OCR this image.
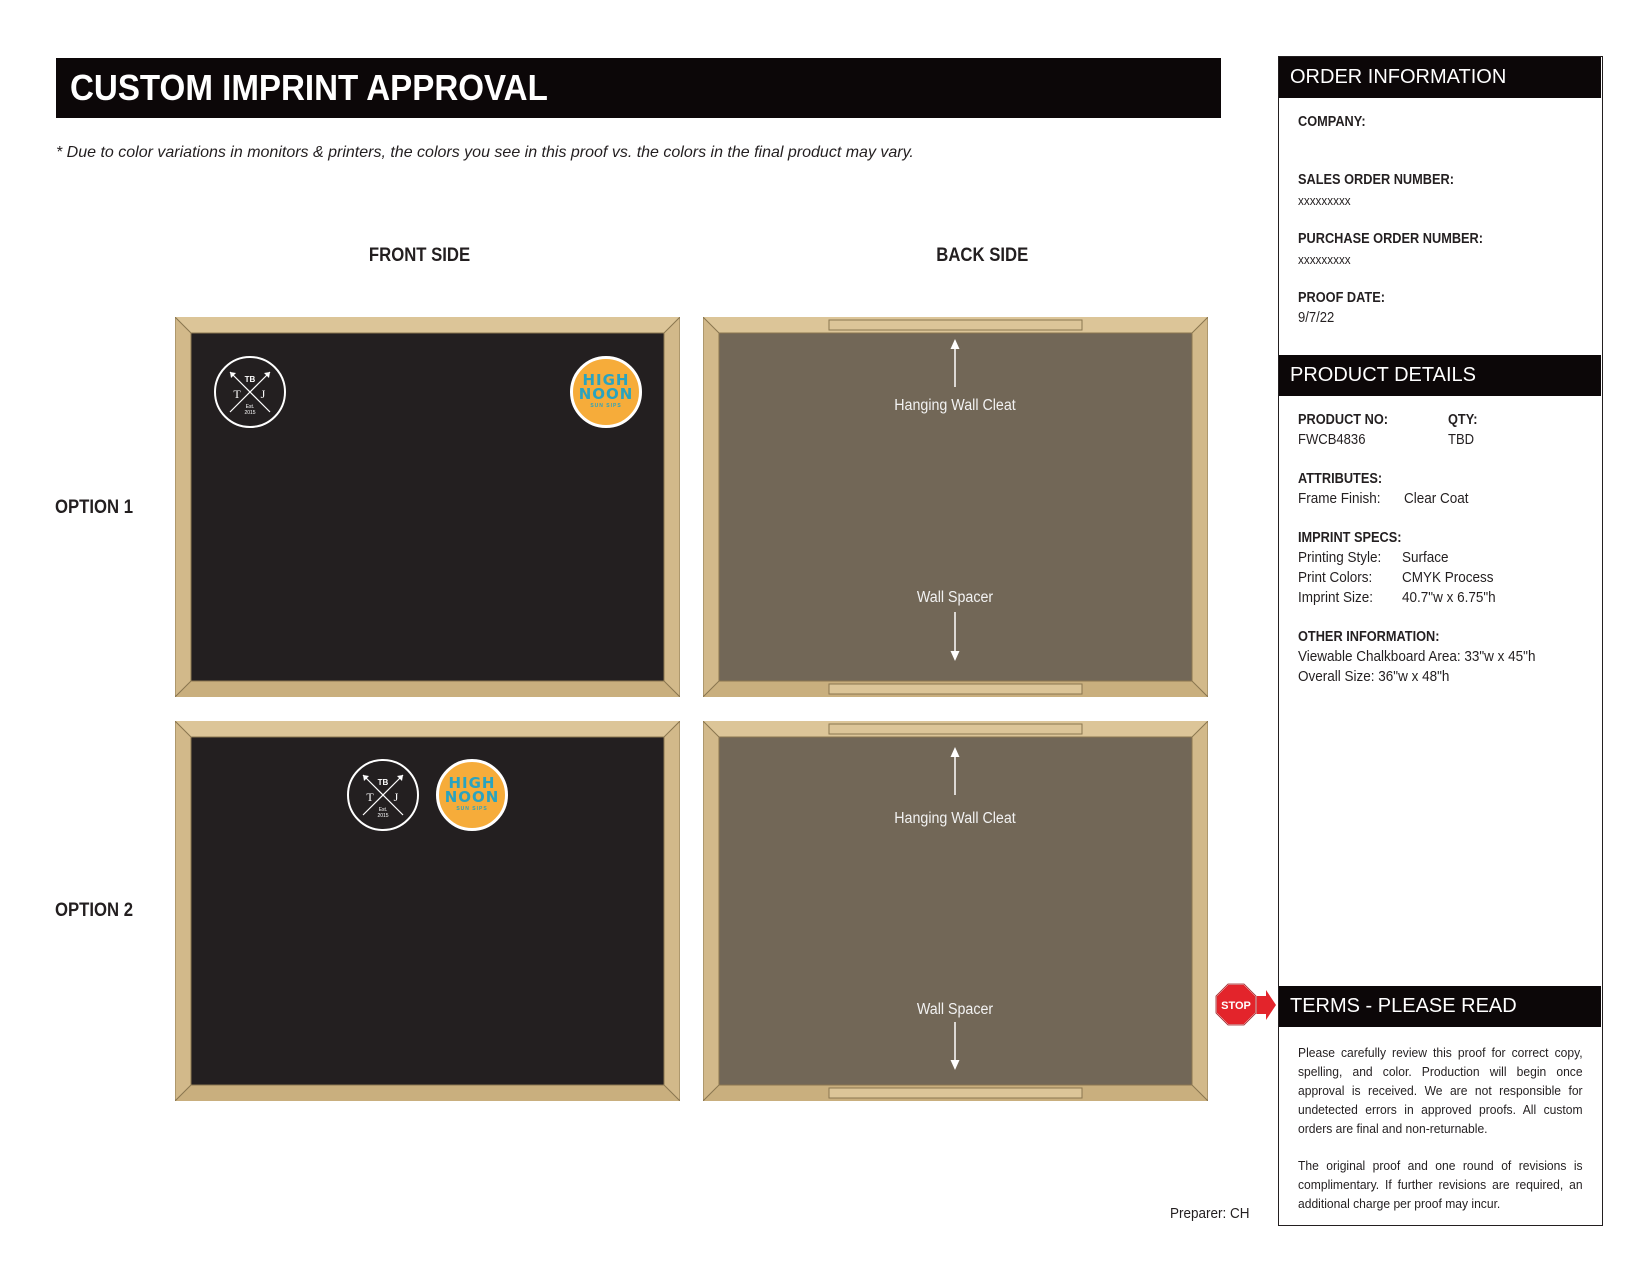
CUSTOM IMPRINT APPROVAL
* Due to color variations in monitors & printers, the colors you see in this proof vs. the colors in the final product may vary.
FRONT SIDE	BACK SIDE
OPTION 1
OPTION 2
TB
T J
Est.
2015
HIGH
NOON
SUN SIPS	Hanging Wall Cleat
Wall Spacer
TB
T J
Est.
2015
HIGH
NOON
SUN SIPS
Hanging Wall Cleat
Wall Spacer
ORDER INFORMATION
COMPANY:
SALES ORDER NUMBER:
xxxxxxxxx
PURCHASE ORDER NUMBER:
xxxxxxxxx
PROOF DATE:
9/7/22
PRODUCT DETAILS
PRODUCT NO:
FWCB4836
QTY:
TBD
ATTRIBUTES:
Frame Finish: Clear Coat
IMPRINT SPECS:
Printing Style: Surface
Print Colors: CMYK Process
Imprint Size: 40.7"w x 6.75"h
OTHER INFORMATION:
Viewable Chalkboard Area: 33"w x 45"h
Overall Size: 36"w x 48"h
TERMS - PLEASE READ
Please carefully review this proof for correct copy, spelling, and color. Production will begin once approval is received. We are not responsible for undetected errors in approved proofs. All custom orders are final and non-returnable.
The original proof and one round of revisions is complimentary. If further revisions are required, an additional charge per proof may incur.
STOP
Preparer: CH
